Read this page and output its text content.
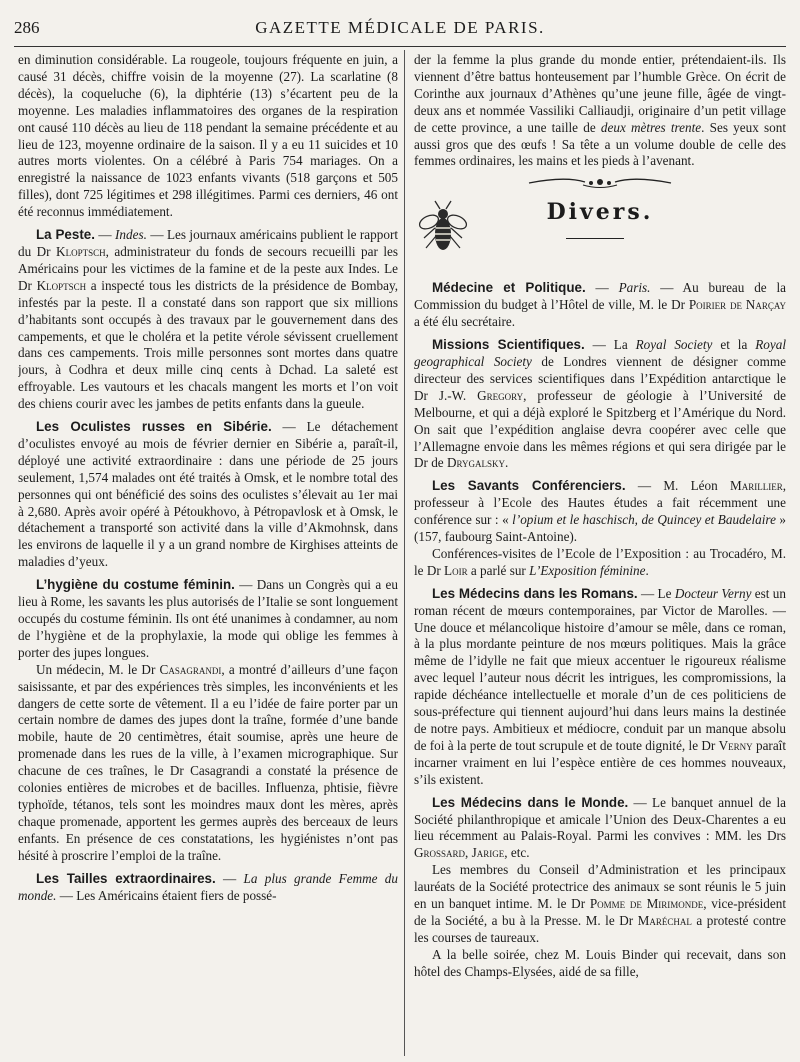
286	GAZETTE MÉDICALE DE PARIS.

en diminution considérable. La rougeole, toujours fréquente en juin, a causé 31 décès, chiffre voisin de la moyenne (27). La scarlatine (8 décès), la coqueluche (6), la diphtérie (13) s’écartent peu de la moyenne. Les maladies inflammatoires des organes de la respiration ont causé 110 décès au lieu de 118 pendant la semaine précédente et au lieu de 123, moyenne ordinaire de la saison. Il y a eu 11 suicides et 10 autres morts violentes. On a célébré à Paris 754 mariages. On a enregistré la naissance de 1023 enfants vivants (518 garçons et 505 filles), dont 725 légitimes et 298 illégitimes. Parmi ces derniers, 46 ont été reconnus immédiatement.

La Peste. — Indes. — Les journaux américains publient le rapport du Dr Kloptsch, administrateur du fonds de secours recueilli par les Américains pour les victimes de la famine et de la peste aux Indes. Le Dr Kloptsch a inspecté tous les districts de la présidence de Bombay, infestés par la peste. Il a constaté dans son rapport que six millions d’habitants sont occupés à des travaux par le gouvernement dans des campements, et que le choléra et la petite vérole sévissent cruellement dans ces campements. Trois mille personnes sont mortes dans quatre jours, à Codhra et deux mille cinq cents à Dchad. La saleté est effroyable. Les vautours et les chacals mangent les morts et l’on voit des chiens courir avec les jambes de petits enfants dans la gueule.

Les Oculistes russes en Sibérie. — Le détachement d’oculistes envoyé au mois de février dernier en Sibérie a, paraît-il, déployé une activité extraordinaire : dans une période de 25 jours seulement, 1,574 malades ont été traités à Omsk, et le nombre total des personnes qui ont bénéficié des soins des oculistes s’élevait au 1er mai à 2,680. Après avoir opéré à Pétoukhovo, à Pétropavlosk et à Omsk, le détachement a transporté son activité dans la ville d’Akmohnsk, dans les environs de laquelle il y a un grand nombre de Kirghises atteints de maladies d’yeux.

L’hygiène du costume féminin. — Dans un Congrès qui a eu lieu à Rome, les savants les plus autorisés de l’Italie se sont longuement occupés du costume féminin. Ils ont été unanimes à condamner, au nom de l’hygiène et de la prophylaxie, la mode qui oblige les femmes à porter des jupes longues.

Un médecin, M. le Dr Casagrandi, a montré d’ailleurs d’une façon saisissante, et par des expériences très simples, les inconvénients et les dangers de cette sorte de vêtement. Il a eu l’idée de faire porter par un certain nombre de dames des jupes dont la traîne, formée d’une bande mobile, haute de 20 centimètres, était soumise, après une heure de promenade dans les rues de la ville, à l’examen micrographique. Sur chacune de ces traînes, le Dr Casagrandi a constaté la présence de colonies entières de microbes et de bacilles. Influenza, phtisie, fièvre typhoïde, tétanos, tels sont les moindres maux dont les mères, après chaque promenade, apportent les germes auprès des berceaux de leurs enfants. En présence de ces constatations, les hygiénistes n’ont pas hésité à proscrire l’emploi de la traîne.

Les Tailles extraordinaires. — La plus grande Femme du monde. — Les Américains étaient fiers de possé-

der la femme la plus grande du monde entier, prétendaient-ils. Ils viennent d’être battus honteusement par l’humble Grèce. On écrit de Corinthe aux journaux d’Athènes qu’une jeune fille, âgée de vingt-deux ans et nommée Vassiliki Calliaudji, originaire d’un petit village de cette province, a une taille de deux mètres trente. Ses yeux sont aussi gros que des œufs ! Sa tête a un volume double de celle des femmes ordinaires, les mains et les pieds à l’avenant.

Divers.

Médecine et Politique. — Paris. — Au bureau de la Commission du budget à l’Hôtel de ville, M. le Dr Poirier de Narçay a été élu secrétaire.

Missions Scientifiques. — La Royal Society et la Royal geographical Society de Londres viennent de désigner comme directeur des services scientifiques dans l’Expédition antarctique le Dr J.-W. Gregory, professeur de géologie à l’Université de Melbourne, et qui a déjà exploré le Spitzberg et l’Amérique du Nord. On sait que l’expédition anglaise devra coopérer avec celle que l’Allemagne envoie dans les mêmes régions et qui sera dirigée par le Dr de Drygalsky.

Les Savants Conférenciers. — M. Léon Marillier, professeur à l’Ecole des Hautes études a fait récemment une conférence sur : « l’opium et le haschisch, de Quincey et Baudelaire » (157, faubourg Saint-Antoine).

Conférences-visites de l’Ecole de l’Exposition : au Trocadéro, M. le Dr Loir a parlé sur L’Exposition féminine.

Les Médecins dans les Romans. — Le Docteur Verny est un roman récent de mœurs contemporaines, par Victor de Marolles. — Une douce et mélancolique histoire d’amour se mêle, dans ce roman, à la plus mordante peinture de nos mœurs politiques. Mais la grâce même de l’idylle ne fait que mieux accentuer le rigoureux réalisme avec lequel l’auteur nous décrit les intrigues, les compromissions, la rapide déchéance intellectuelle et morale d’un de ces politiciens de sous-préfecture qui tiennent aujourd’hui dans leurs mains la destinée de notre pays. Ambitieux et médiocre, conduit par un manque absolu de foi à la perte de tout scrupule et de toute dignité, le Dr Verny paraît incarner vraiment en lui l’espèce entière de ces hommes nouveaux, s’ils existent.

Les Médecins dans le Monde. — Le banquet annuel de la Société philanthropique et amicale l’Union des Deux-Charentes a eu lieu récemment au Palais-Royal. Parmi les convives : MM. les Drs Grossard, Jarige, etc.

Les membres du Conseil d’Administration et les principaux lauréats de la Société protectrice des animaux se sont réunis le 5 juin en un banquet intime. M. le Dr Pomme de Mirimonde, vice-président de la Société, a bu à la Presse. M. le Dr Maréchal a protesté contre les courses de taureaux.

A la belle soirée, chez M. Louis Binder qui recevait, dans son hôtel des Champs-Elysées, aidé de sa fille,
